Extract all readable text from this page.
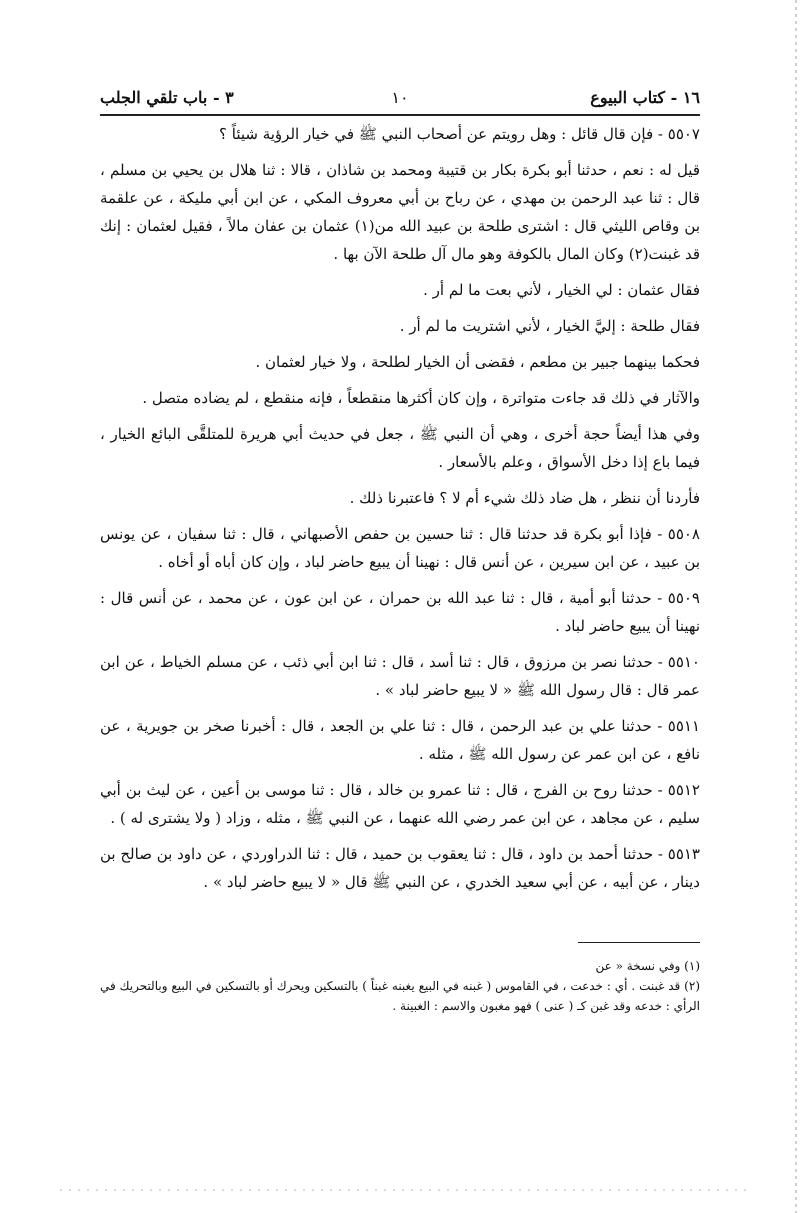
١٦ - كتاب البيوع
١٠
٣ - باب تلقي الجلب

٥٥٠٧ - فإن قال قائل : وهل رويتم عن أصحاب النبي ﷺ في خيار الرؤية شيئاً ؟

قيل له : نعم ، حدثنا أبو بكرة بكار بن قتيبة ومحمد بن شاذان ، قالا : ثنا هلال بن يحيي بن مسلم ، قال : ثنا عبد الرحمن بن مهدي ، عن رباح بن أبي معروف المكي ، عن ابن أبي مليكة ، عن علقمة بن وقاص الليثي قال : اشترى طلحة بن عبيد الله من(١) عثمان بن عفان مالاً ، فقيل لعثمان : إنك قد غبنت(٢) وكان المال بالكوفة وهو مال آل طلحة الآن بها .

فقال عثمان : لي الخيار ، لأني بعت ما لم أر .

فقال طلحة : إليَّ الخيار ، لأني اشتريت ما لم أر .

فحكما بينهما جبير بن مطعم ، فقضى أن الخيار لطلحة ، ولا خيار لعثمان .

والآثار في ذلك قد جاءت متواترة ، وإن كان أكثرها منقطعاً ، فإنه منقطع ، لم يضاده متصل .

وفي هذا أيضاً حجة أخرى ، وهي أن النبي ﷺ ، جعل في حديث أبي هريرة للمتلقَّى البائع الخيار ، فيما باع إذا دخل الأسواق ، وعلم بالأسعار .

فأردنا أن ننظر ، هل ضاد ذلك شيء أم لا ؟ فاعتبرنا ذلك .

٥٥٠٨ - فإذا أبو بكرة قد حدثنا قال : ثنا حسين بن حفص الأصبهاني ، قال : ثنا سفيان ، عن يونس بن عبيد ، عن ابن سيرين ، عن أنس قال : نهينا أن يبيع حاضر لباد ، وإن كان أباه أو أخاه .

٥٥٠٩ - حدثنا أبو أمية ، قال : ثنا عبد الله بن حمران ، عن ابن عون ، عن محمد ، عن أنس قال : نهينا أن يبيع حاضر لباد .

٥٥١٠ - حدثنا نصر بن مرزوق ، قال : ثنا أسد ، قال : ثنا ابن أبي ذئب ، عن مسلم الخياط ، عن ابن عمر قال : قال رسول الله ﷺ « لا يبيع حاضر لباد » .

٥٥١١ - حدثنا علي بن عبد الرحمن ، قال : ثنا علي بن الجعد ، قال : أخبرنا صخر بن جويرية ، عن نافع ، عن ابن عمر عن رسول الله ﷺ ، مثله .

٥٥١٢ - حدثنا روح بن الفرج ، قال : ثنا عمرو بن خالد ، قال : ثنا موسى بن أعين ، عن ليث بن أبي سليم ، عن مجاهد ، عن ابن عمر رضي الله عنهما ، عن النبي ﷺ ، مثله ، وزاد ( ولا يشترى له ) .

٥٥١٣ - حدثنا أحمد بن داود ، قال : ثنا يعقوب بن حميد ، قال : ثنا الدراوردي ، عن داود بن صالح بن دينار ، عن أبيه ، عن أبي سعيد الخدري ، عن النبي ﷺ قال « لا يبيع حاضر لباد » .

(١) وفي نسخة « عن

(٢) قد غبنت . أي : خدعت ، في القاموس ( غبنه في البيع يغبنه غبناً ) بالتسكين ويحرك أو بالتسكين في البيع وبالتحريك في الرأي : خدعه وقد غبن كـ ( عنى ) فهو مغبون والاسم : الغبينة .
